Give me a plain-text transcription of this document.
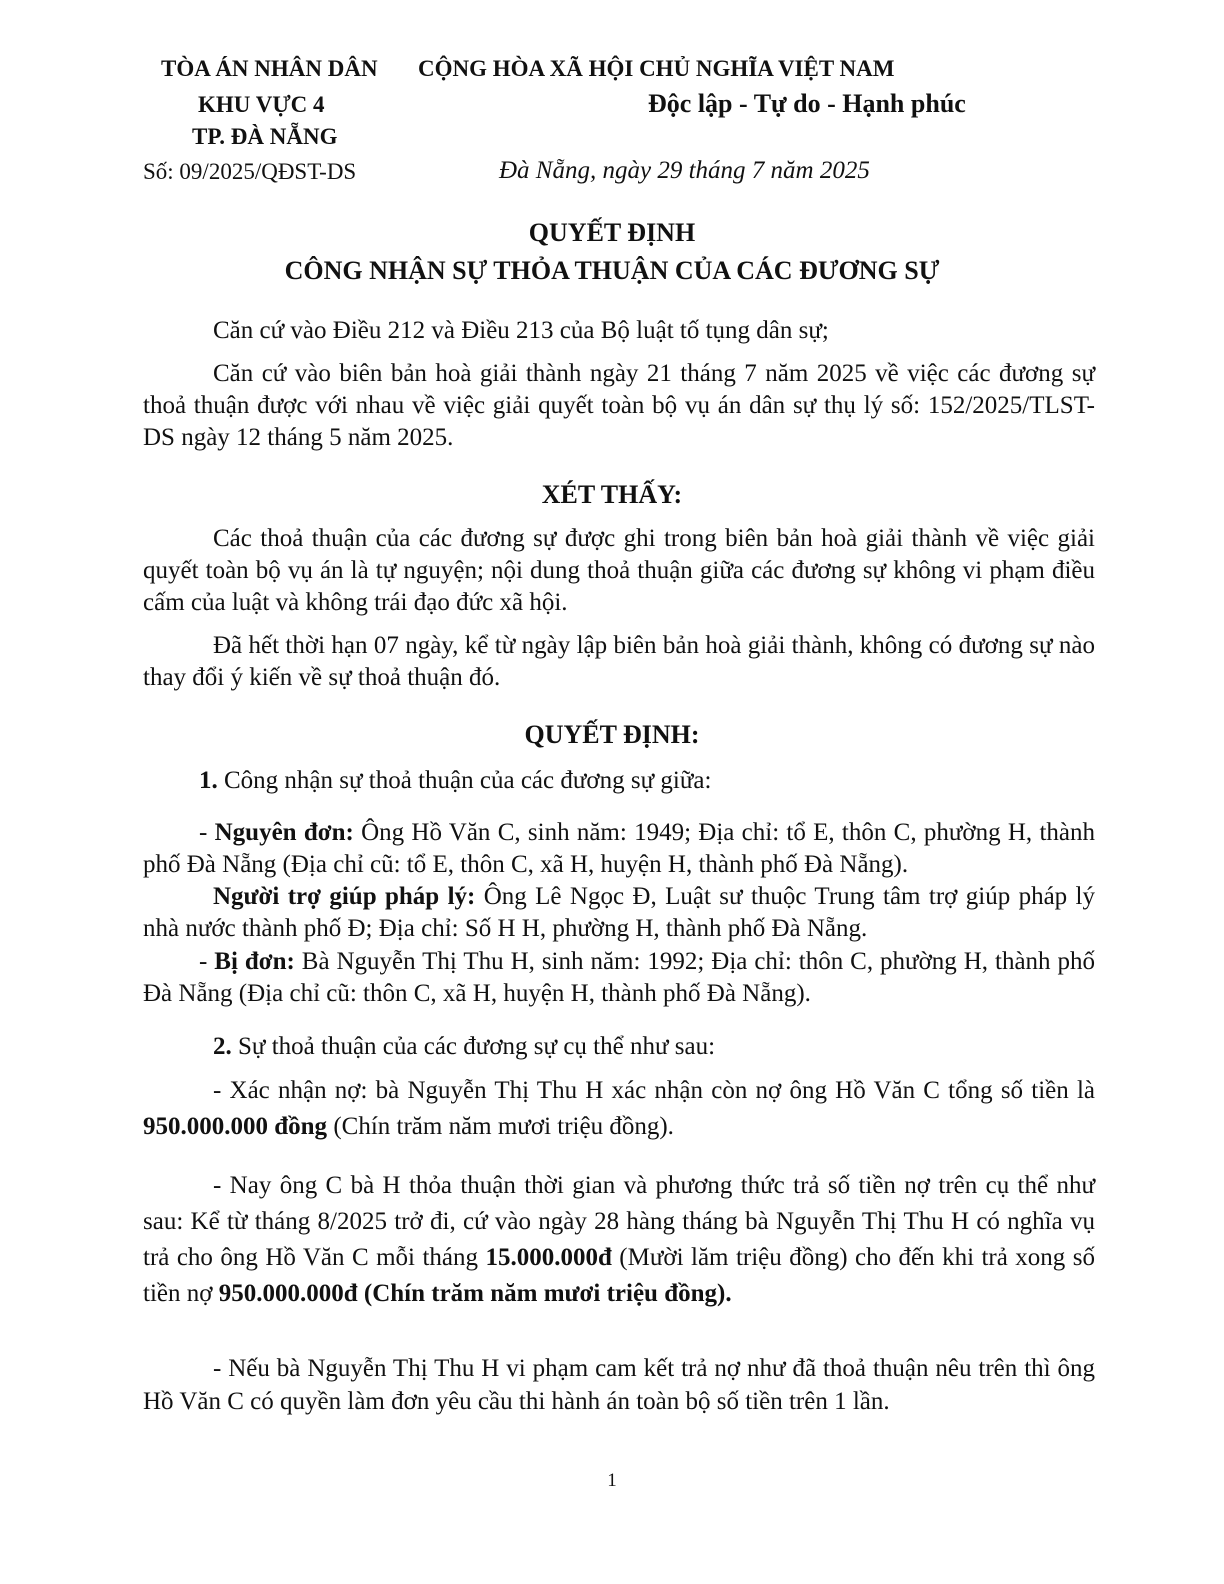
TÒA ÁN NHÂN DÂN CỘNG HÒA XÃ HỘI CHỦ NGHĨA VIỆT NAM
KHU VỰC 4	Độc lập - Tự do - Hạnh phúc
TP. ĐÀ NẴNG
Số: 09/2025/QĐST-DS	Đà Nẵng, ngày 29 tháng 7 năm 2025
QUYẾT ĐỊNH
CÔNG NHẬN SỰ THỎA THUẬN CỦA CÁC ĐƯƠNG SỰ
Căn cứ vào Điều 212 và Điều 213 của Bộ luật tố tụng dân sự;
Căn cứ vào biên bản hoà giải thành ngày 21 tháng 7 năm 2025 về việc các đương sự thoả thuận được với nhau về việc giải quyết toàn bộ vụ án dân sự thụ lý số: 152/2025/TLST-DS ngày 12 tháng 5 năm 2025.
XÉT THẤY:
Các thoả thuận của các đương sự được ghi trong biên bản hoà giải thành về việc giải quyết toàn bộ vụ án là tự nguyện; nội dung thoả thuận giữa các đương sự không vi phạm điều cấm của luật và không trái đạo đức xã hội.
Đã hết thời hạn 07 ngày, kể từ ngày lập biên bản hoà giải thành, không có đương sự nào thay đổi ý kiến về sự thoả thuận đó.
QUYẾT ĐỊNH:
1. Công nhận sự thoả thuận của các đương sự giữa:
- Nguyên đơn: Ông Hồ Văn C, sinh năm: 1949; Địa chỉ: tổ E, thôn C, phường H, thành phố Đà Nẵng (Địa chỉ cũ: tổ E, thôn C, xã H, huyện H, thành phố Đà Nẵng).
Người trợ giúp pháp lý: Ông Lê Ngọc Đ, Luật sư thuộc Trung tâm trợ giúp pháp lý nhà nước thành phố Đ; Địa chỉ: Số H H, phường H, thành phố Đà Nẵng.
- Bị đơn: Bà Nguyễn Thị Thu H, sinh năm: 1992; Địa chỉ: thôn C, phường H, thành phố Đà Nẵng (Địa chỉ cũ: thôn C, xã H, huyện H, thành phố Đà Nẵng).
2. Sự thoả thuận của các đương sự cụ thể như sau:
- Xác nhận nợ: bà Nguyễn Thị Thu H xác nhận còn nợ ông Hồ Văn C tổng số tiền là 950.000.000 đồng (Chín trăm năm mươi triệu đồng).
- Nay ông C bà H thỏa thuận thời gian và phương thức trả số tiền nợ trên cụ thể như sau: Kể từ tháng 8/2025 trở đi, cứ vào ngày 28 hàng tháng bà Nguyễn Thị Thu H có nghĩa vụ trả cho ông Hồ Văn C mỗi tháng 15.000.000đ (Mười lăm triệu đồng) cho đến khi trả xong số tiền nợ 950.000.000đ (Chín trăm năm mươi triệu đồng).
- Nếu bà Nguyễn Thị Thu H vi phạm cam kết trả nợ như đã thoả thuận nêu trên thì ông Hồ Văn C có quyền làm đơn yêu cầu thi hành án toàn bộ số tiền trên 1 lần.
1
